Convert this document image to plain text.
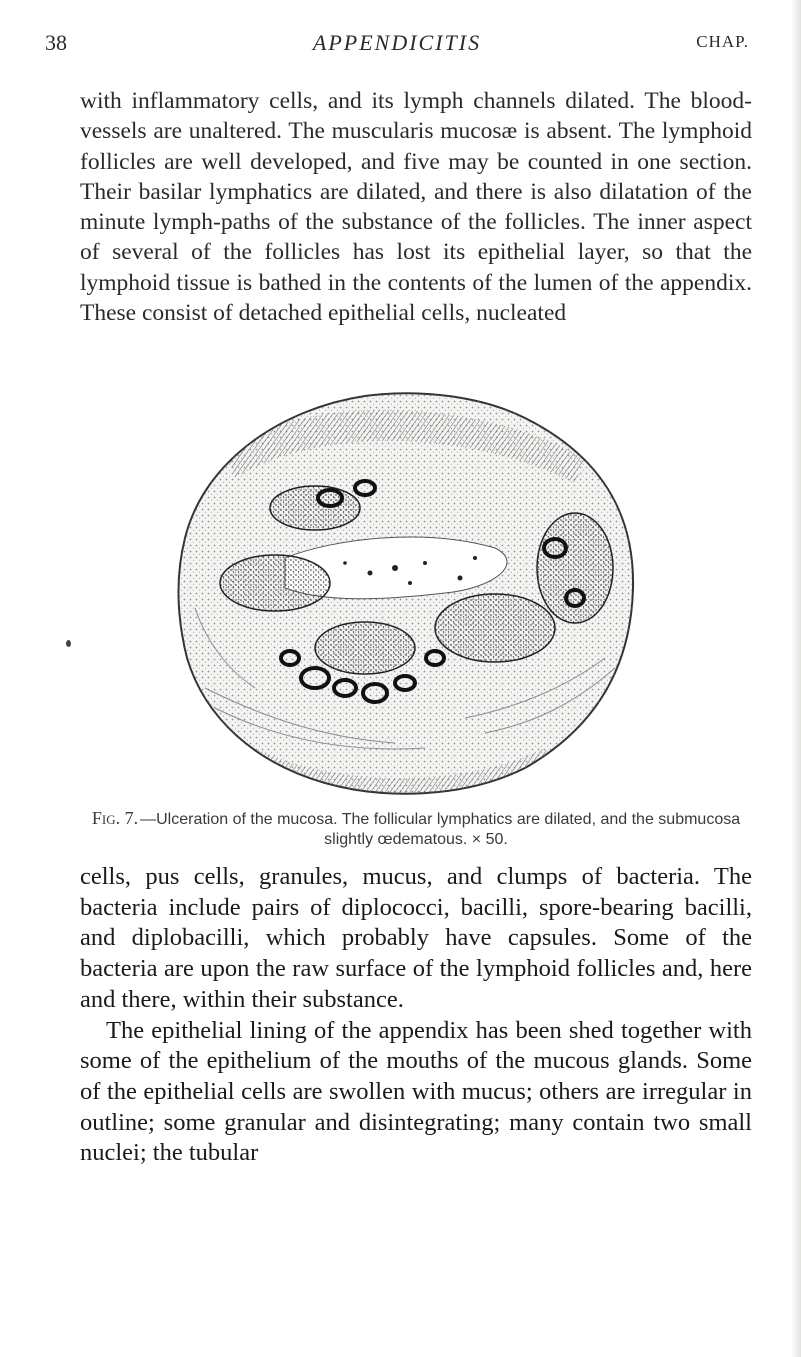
38	APPENDICITIS	CHAP.

with inflammatory cells, and its lymph channels dilated. The blood-vessels are unaltered. The muscularis mucosæ is absent. The lymphoid follicles are well developed, and five may be counted in one section. Their basilar lymphatics are dilated, and there is also dilatation of the minute lymph-paths of the substance of the follicles. The inner aspect of several of the follicles has lost its epithelial layer, so that the lymphoid tissue is bathed in the contents of the lumen of the appendix. These consist of detached epithelial cells, nucleated

Fig. 7. —Ulceration of the mucosa. The follicular lymphatics are dilated, and the submucosa slightly œdematous. × 50.

cells, pus cells, granules, mucus, and clumps of bacteria. The bacteria include pairs of diplococci, bacilli, spore-bearing bacilli, and diplobacilli, which probably have capsules. Some of the bacteria are upon the raw surface of the lymphoid follicles and, here and there, within their substance.

The epithelial lining of the appendix has been shed together with some of the epithelium of the mouths of the mucous glands. Some of the epithelial cells are swollen with mucus; others are irregular in outline; some granular and disintegrating; many contain two small nuclei; the tubular
